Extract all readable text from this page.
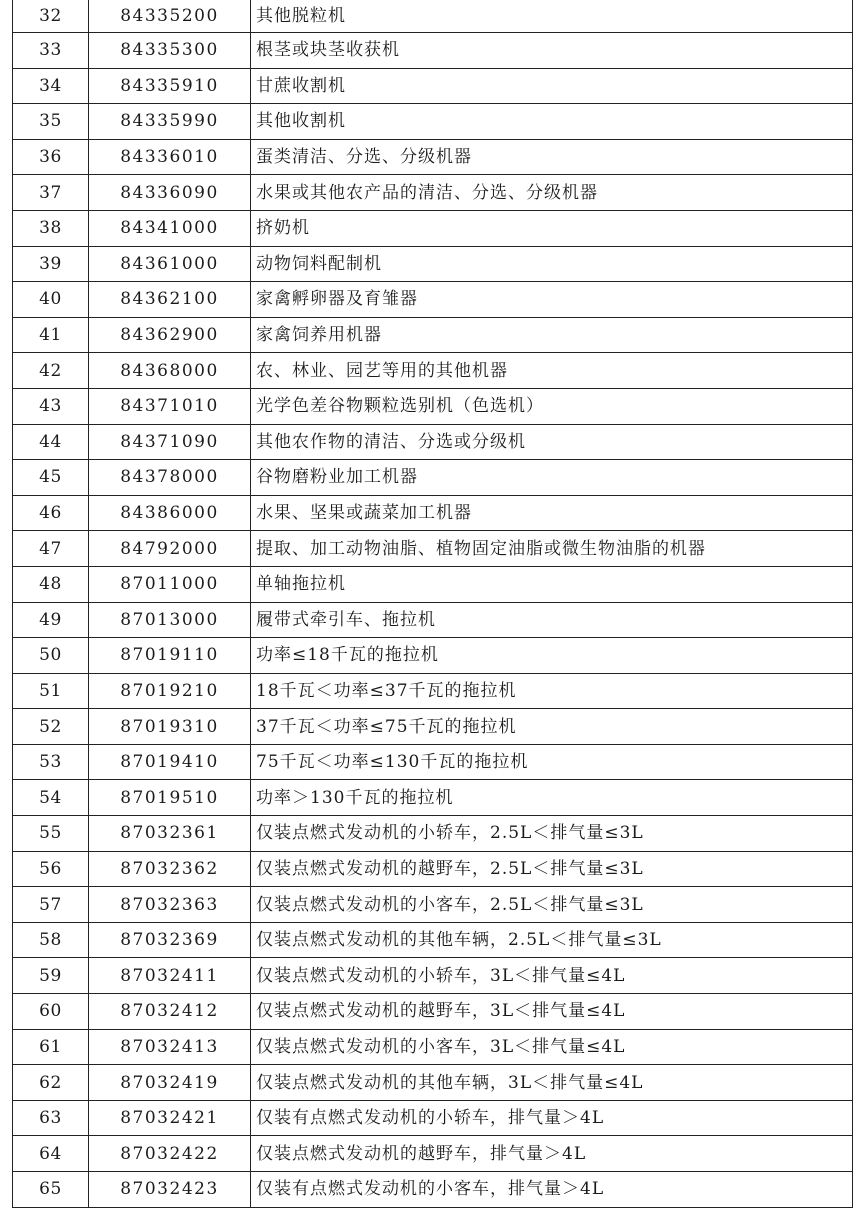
32	84335200	其他脱粒机
33	84335300	根茎或块茎收获机
34	84335910	甘蔗收割机
35	84335990	其他收割机
36	84336010	蛋类清洁、分选、分级机器
37	84336090	水果或其他农产品的清洁、分选、分级机器
38	84341000	挤奶机
39	84361000	动物饲料配制机
40	84362100	家禽孵卵器及育雏器
41	84362900	家禽饲养用机器
42	84368000	农、林业、园艺等用的其他机器
43	84371010	光学色差谷物颗粒选别机（色选机）
44	84371090	其他农作物的清洁、分选或分级机
45	84378000	谷物磨粉业加工机器
46	84386000	水果、坚果或蔬菜加工机器
47	84792000	提取、加工动物油脂、植物固定油脂或微生物油脂的机器
48	87011000	单轴拖拉机
49	87013000	履带式牵引车、拖拉机
50	87019110	功率≤18千瓦的拖拉机
51	87019210	18千瓦＜功率≤37千瓦的拖拉机
52	87019310	37千瓦＜功率≤75千瓦的拖拉机
53	87019410	75千瓦＜功率≤130千瓦的拖拉机
54	87019510	功率＞130千瓦的拖拉机
55	87032361	仅装点燃式发动机的小轿车，2.5L＜排气量≤3L
56	87032362	仅装点燃式发动机的越野车，2.5L＜排气量≤3L
57	87032363	仅装点燃式发动机的小客车，2.5L＜排气量≤3L
58	87032369	仅装点燃式发动机的其他车辆，2.5L＜排气量≤3L
59	87032411	仅装点燃式发动机的小轿车，3L＜排气量≤4L
60	87032412	仅装点燃式发动机的越野车，3L＜排气量≤4L
61	87032413	仅装点燃式发动机的小客车，3L＜排气量≤4L
62	87032419	仅装点燃式发动机的其他车辆，3L＜排气量≤4L
63	87032421	仅装有点燃式发动机的小轿车，排气量＞4L
64	87032422	仅装点燃式发动机的越野车，排气量＞4L
65	87032423	仅装有点燃式发动机的小客车，排气量＞4L
